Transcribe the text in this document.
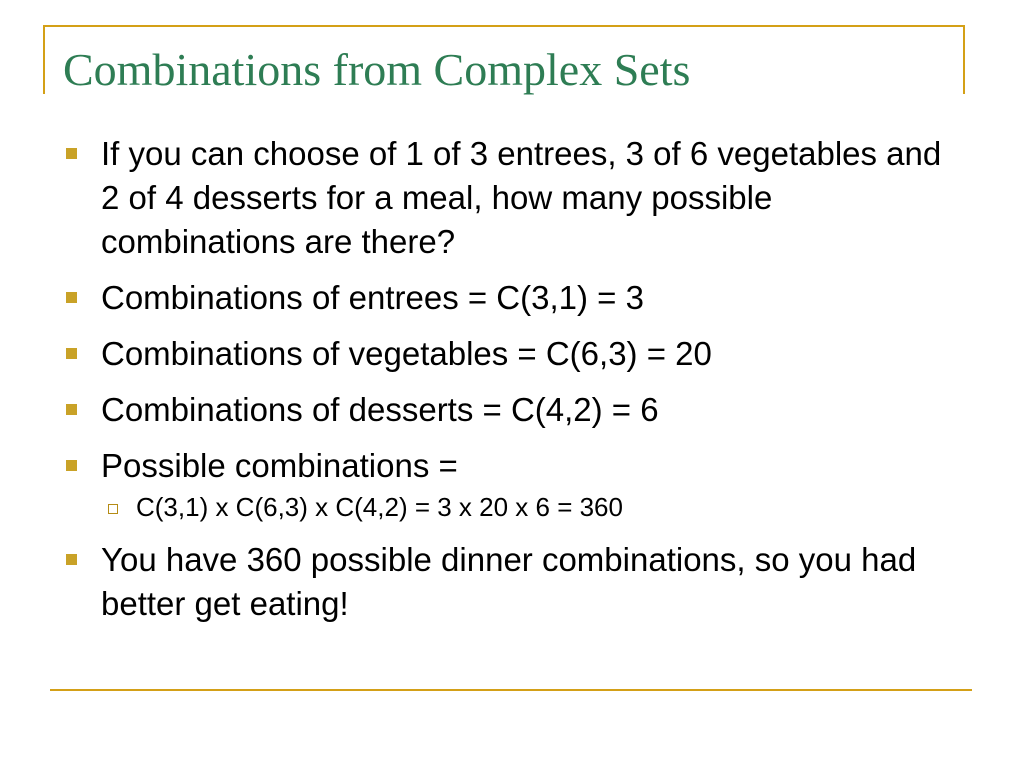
Combinations from Complex Sets
If you can choose of 1 of 3 entrees, 3 of 6 vegetables and 2 of 4 desserts for a meal, how many possible combinations are there?
Combinations of entrees = C(3,1) = 3
Combinations of vegetables = C(6,3) = 20
Combinations of desserts = C(4,2) = 6
Possible combinations =
C(3,1) x C(6,3) x C(4,2) = 3 x 20 x 6 = 360
You have 360 possible dinner combinations, so you had better get eating!
